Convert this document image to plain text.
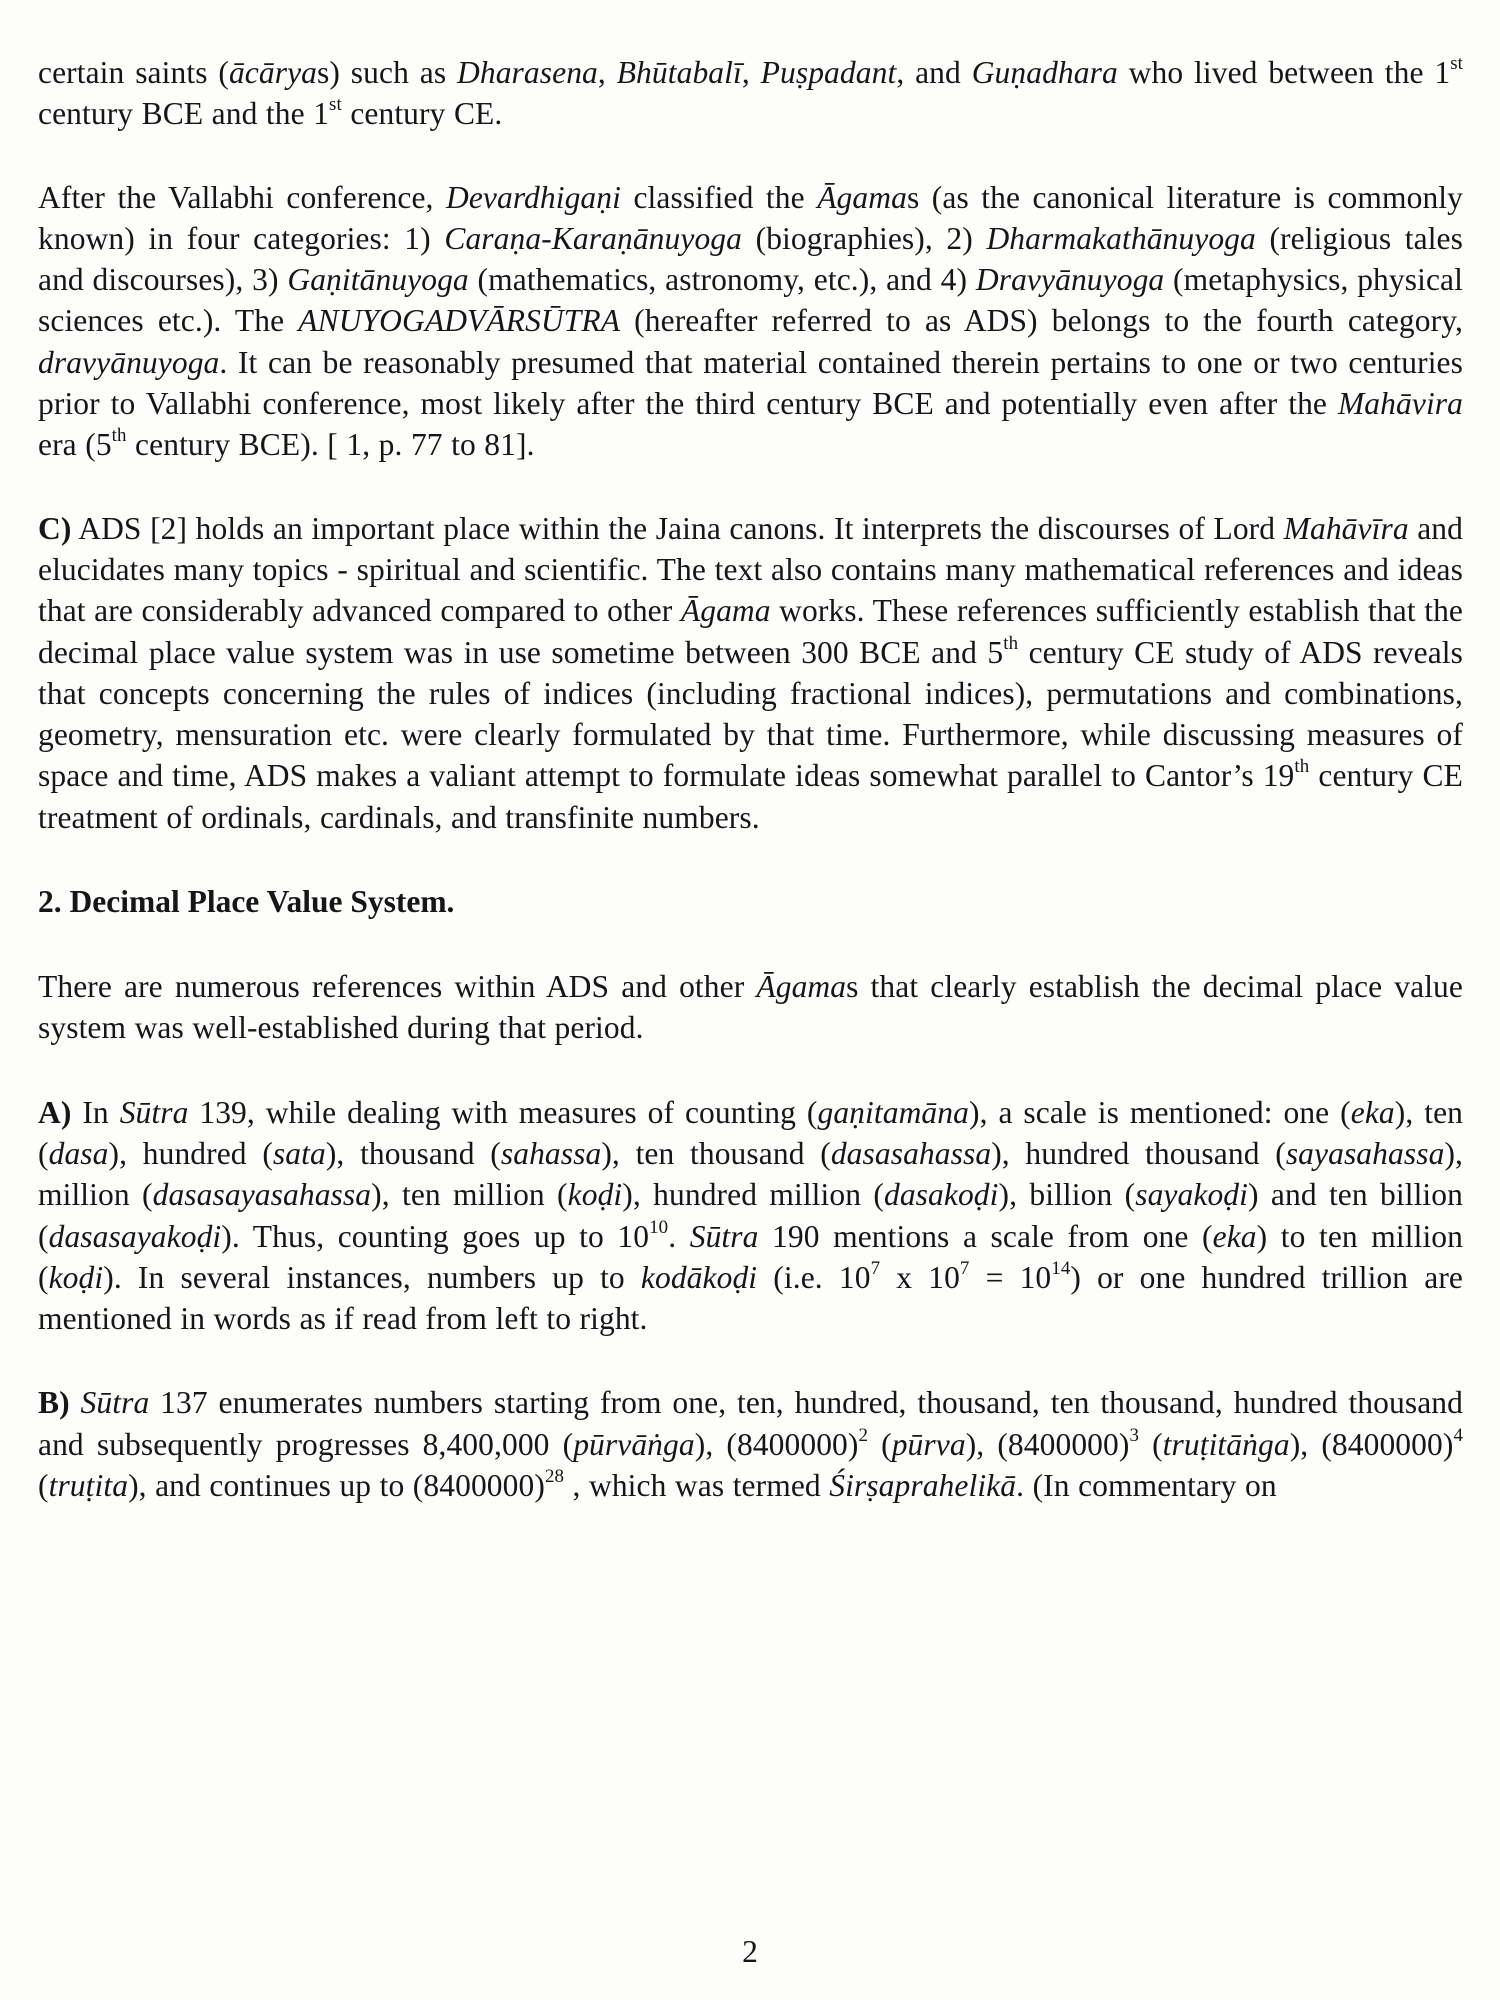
certain saints (ācāryas) such as Dharasena, Bhūtabalī, Puṣpadant, and Guṇadhara who lived between the 1st century BCE and the 1st century CE.

After the Vallabhi conference, Devardhigaṇi classified the Āgamas (as the canonical literature is commonly known) in four categories: 1) Caraṇa-Karaṇānuyoga (biographies), 2) Dharmakathānuyoga (religious tales and discourses), 3) Gaṇitānuyoga (mathematics, astronomy, etc.), and 4) Dravyānuyoga (metaphysics, physical sciences etc.). The ANUYOGADVĀRSŪTRA (hereafter referred to as ADS) belongs to the fourth category, dravyānuyoga. It can be reasonably presumed that material contained therein pertains to one or two centuries prior to Vallabhi conference, most likely after the third century BCE and potentially even after the Mahāvira era (5th century BCE). [ 1, p. 77 to 81].

C) ADS [2] holds an important place within the Jaina canons. It interprets the discourses of Lord Mahāvīra and elucidates many topics - spiritual and scientific. The text also contains many mathematical references and ideas that are considerably advanced compared to other Āgama works. These references sufficiently establish that the decimal place value system was in use sometime between 300 BCE and 5th century CE study of ADS reveals that concepts concerning the rules of indices (including fractional indices), permutations and combinations, geometry, mensuration etc. were clearly formulated by that time. Furthermore, while discussing measures of space and time, ADS makes a valiant attempt to formulate ideas somewhat parallel to Cantor’s 19th century CE treatment of ordinals, cardinals, and transfinite numbers.

2. Decimal Place Value System.

There are numerous references within ADS and other Āgamas that clearly establish the decimal place value system was well-established during that period.

A) In Sūtra 139, while dealing with measures of counting (gaṇitamāna), a scale is mentioned: one (eka), ten (dasa), hundred (sata), thousand (sahassa), ten thousand (dasasahassa), hundred thousand (sayasahassa), million (dasasayasahassa), ten million (koḍi), hundred million (dasakoḍi), billion (sayakoḍi) and ten billion (dasasayakoḍi). Thus, counting goes up to $10^{10}$. Sūtra 190 mentions a scale from one (eka) to ten million (koḍi). In several instances, numbers up to kodākoḍi (i.e. $10^7$ x $10^7 = 10^{14}$) or one hundred trillion are mentioned in words as if read from left to right.

B) Sūtra 137 enumerates numbers starting from one, ten, hundred, thousand, ten thousand, hundred thousand and subsequently progresses 8,400,000 (pūrvāṅga), $(8400000)^2$ (pūrva), $(8400000)^3$ (truṭitāṅga), $(8400000)^4$ (truṭita), and continues up to $(8400000)^{28}$ , which was termed Śirṣaprahelikā. (In commentary on

2
